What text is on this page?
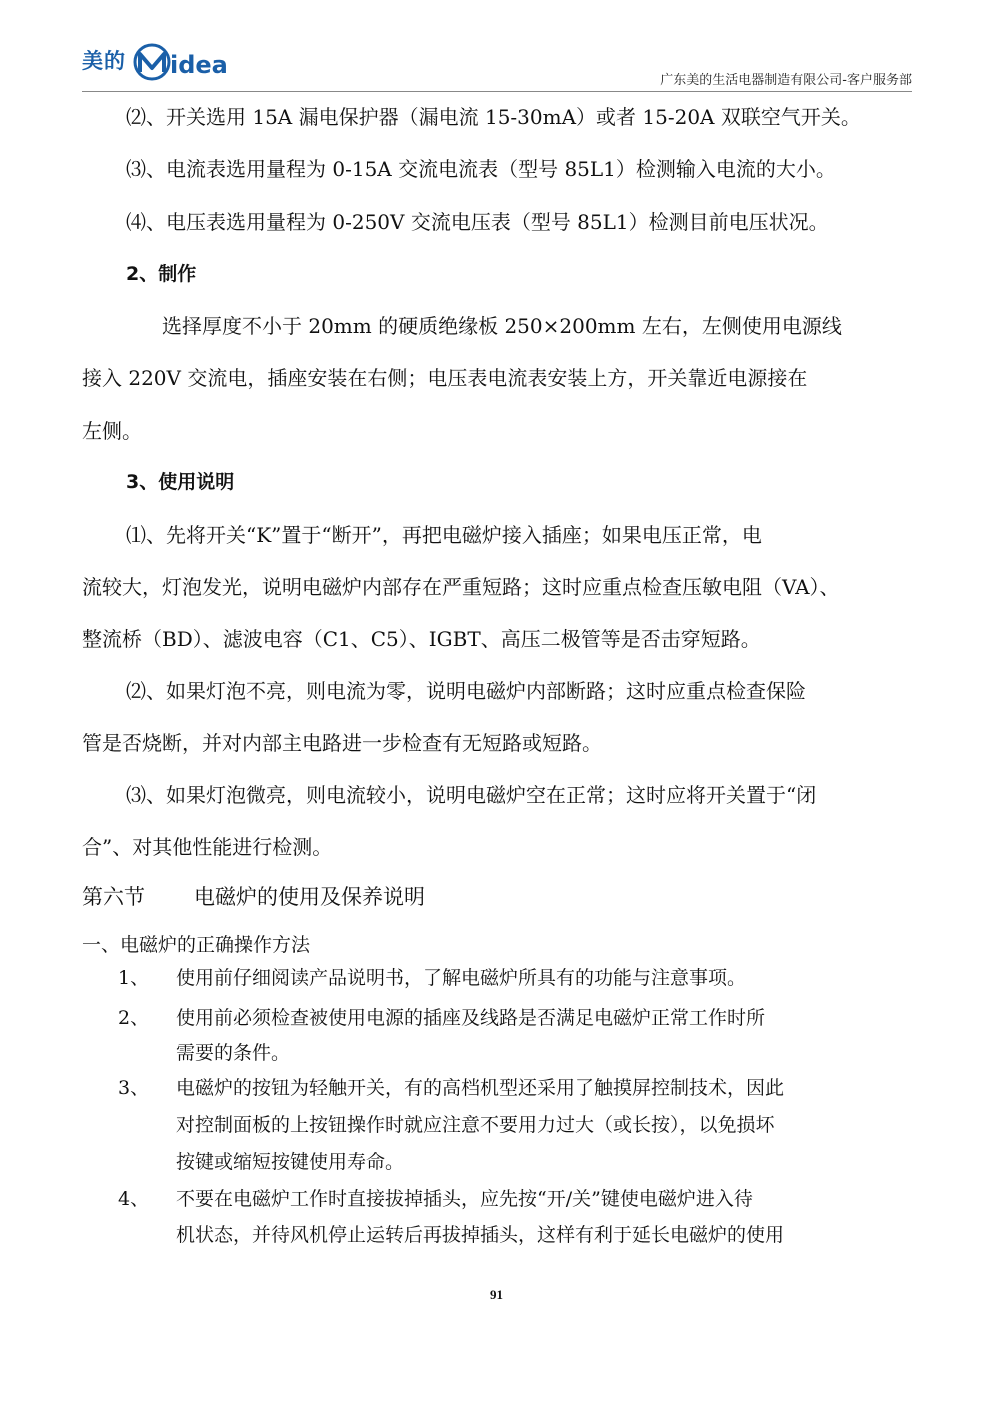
美的 idea
广东美的生活电器制造有限公司-客户服务部
⑵、开关选用 15A 漏电保护器（漏电流 15-30mA）或者 15-20A 双联空气开关。
⑶、电流表选用量程为 0-15A 交流电流表（型号 85L1）检测输入电流的大小。
⑷、电压表选用量程为 0-250V 交流电压表（型号 85L1）检测目前电压状况。
2、制作
选择厚度不小于 20mm 的硬质绝缘板 250×200mm 左右，左侧使用电源线
接入 220V 交流电，插座安装在右侧；电压表电流表安装上方，开关靠近电源接在
左侧。
3、使用说明
⑴、先将开关“K”置于“断开”，再把电磁炉接入插座；如果电压正常，电
流较大，灯泡发光，说明电磁炉内部存在严重短路；这时应重点检查压敏电阻（VA）、
整流桥（BD）、滤波电容（C1、C5）、IGBT、高压二极管等是否击穿短路。
⑵、如果灯泡不亮，则电流为零，说明电磁炉内部断路；这时应重点检查保险
管是否烧断，并对内部主电路进一步检查有无短路或短路。
⑶、如果灯泡微亮，则电流较小，说明电磁炉空在正常；这时应将开关置于“闭
合”、对其他性能进行检测。
第六节 电磁炉的使用及保养说明
一、电磁炉的正确操作方法
1、 使用前仔细阅读产品说明书，了解电磁炉所具有的功能与注意事项。
2、 使用前必须检查被使用电源的插座及线路是否满足电磁炉正常工作时所
需要的条件。
3、 电磁炉的按钮为轻触开关，有的高档机型还采用了触摸屏控制技术，因此
对控制面板的上按钮操作时就应注意不要用力过大（或长按），以免损坏
按键或缩短按键使用寿命。
4、 不要在电磁炉工作时直接拔掉插头，应先按“开/关”键使电磁炉进入待
机状态，并待风机停止运转后再拔掉插头，这样有利于延长电磁炉的使用
91
